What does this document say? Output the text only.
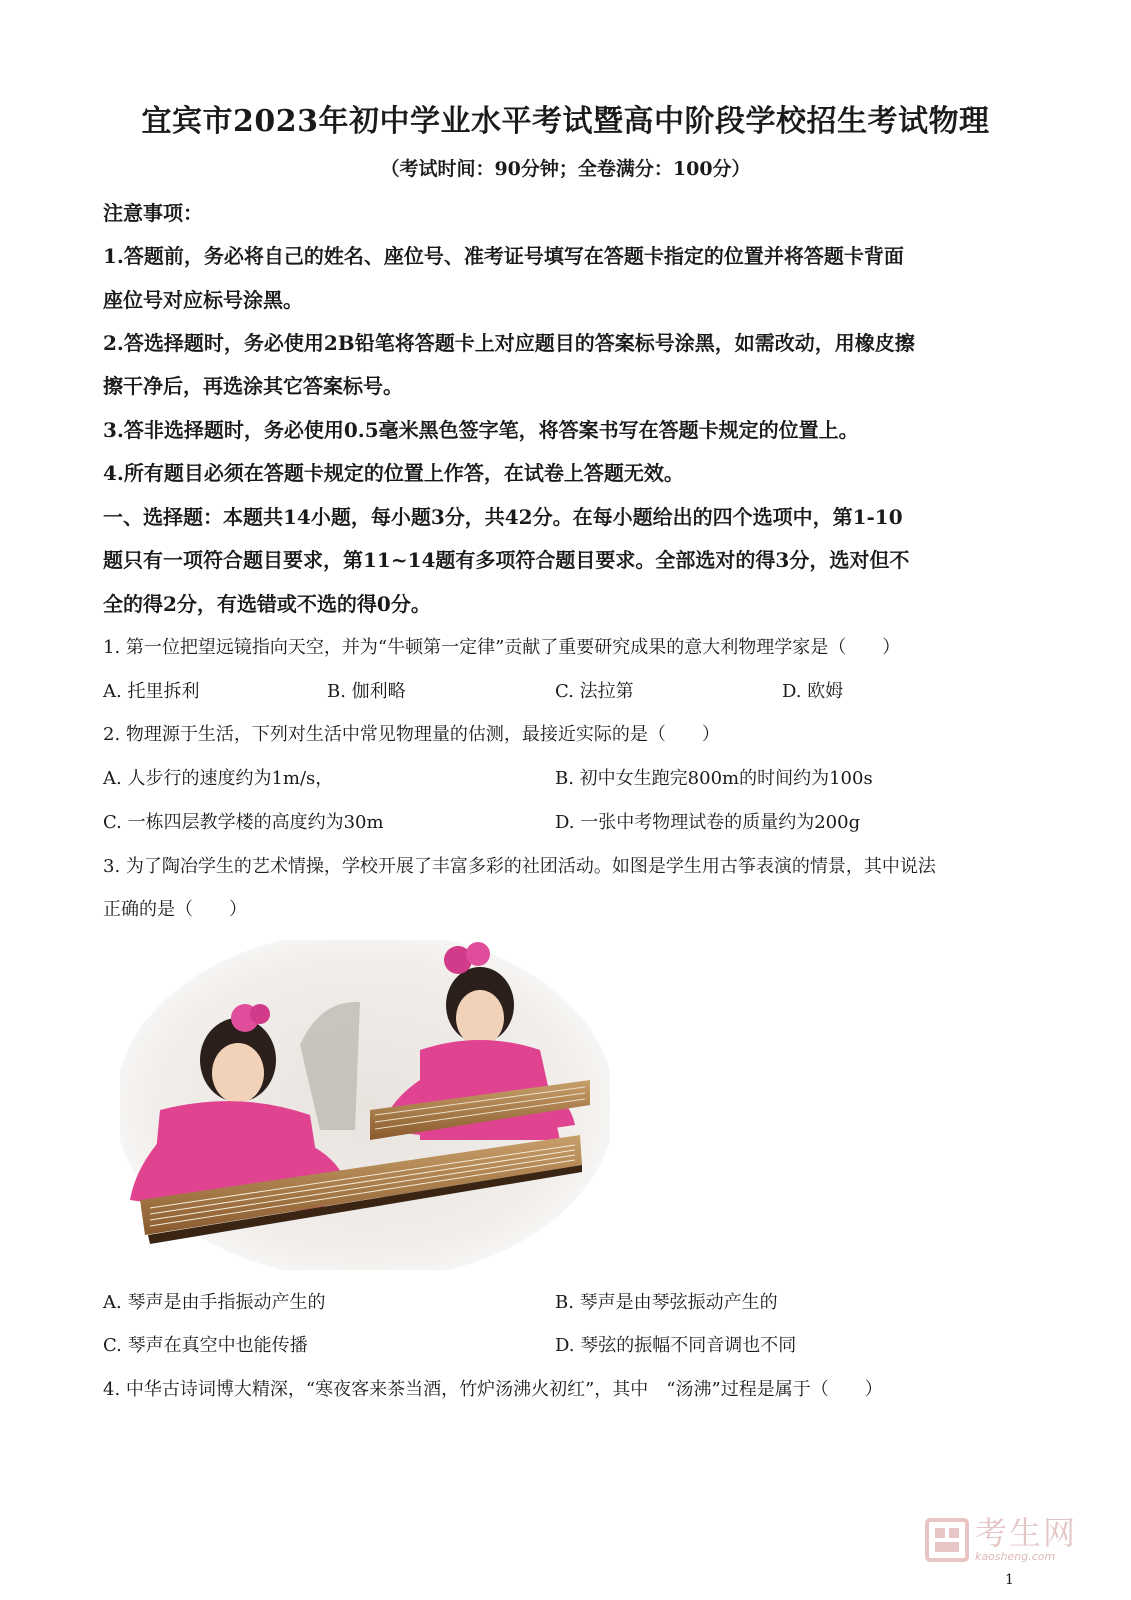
宜宾市2023年初中学业水平考试暨高中阶段学校招生考试物理
（考试时间：90分钟；全卷满分：100分）
注意事项：
1.答题前，务必将自己的姓名、座位号、准考证号填写在答题卡指定的位置并将答题卡背面
座位号对应标号涂黑。
2.答选择题时，务必使用2B铅笔将答题卡上对应题目的答案标号涂黑，如需改动，用橡皮擦
擦干净后，再选涂其它答案标号。
3.答非选择题时，务必使用0.5毫米黑色签字笔，将答案书写在答题卡规定的位置上。
4.所有题目必须在答题卡规定的位置上作答，在试卷上答题无效。
一、选择题：本题共14小题，每小题3分，共42分。在每小题给出的四个选项中，第1-10
题只有一项符合题目要求，第11~14题有多项符合题目要求。全部选对的得3分，选对但不
全的得2分，有选错或不选的得0分。
1. 第一位把望远镜指向天空，并为“牛顿第一定律”贡献了重要研究成果的意大利物理学家是（　　）
A. 托里拆利	B. 伽利略	C. 法拉第	D. 欧姆
2. 物理源于生活，下列对生活中常见物理量的估测，最接近实际的是（　　）
A. 人步行的速度约为1m/s，	B. 初中女生跑完800m的时间约为100s
C. 一栋四层教学楼的高度约为30m	D. 一张中考物理试卷的质量约为200g
3. 为了陶冶学生的艺术情操，学校开展了丰富多彩的社团活动。如图是学生用古筝表演的情景，其中说法
正确的是（　　）
A. 琴声是由手指振动产生的	B. 琴声是由琴弦振动产生的
C. 琴声在真空中也能传播	D. 琴弦的振幅不同音调也不同
4. 中华古诗词博大精深，“寒夜客来茶当酒，竹炉汤沸火初红”，其中　“汤沸”过程是属于（　　）
考生网
kaosheng.com
1
